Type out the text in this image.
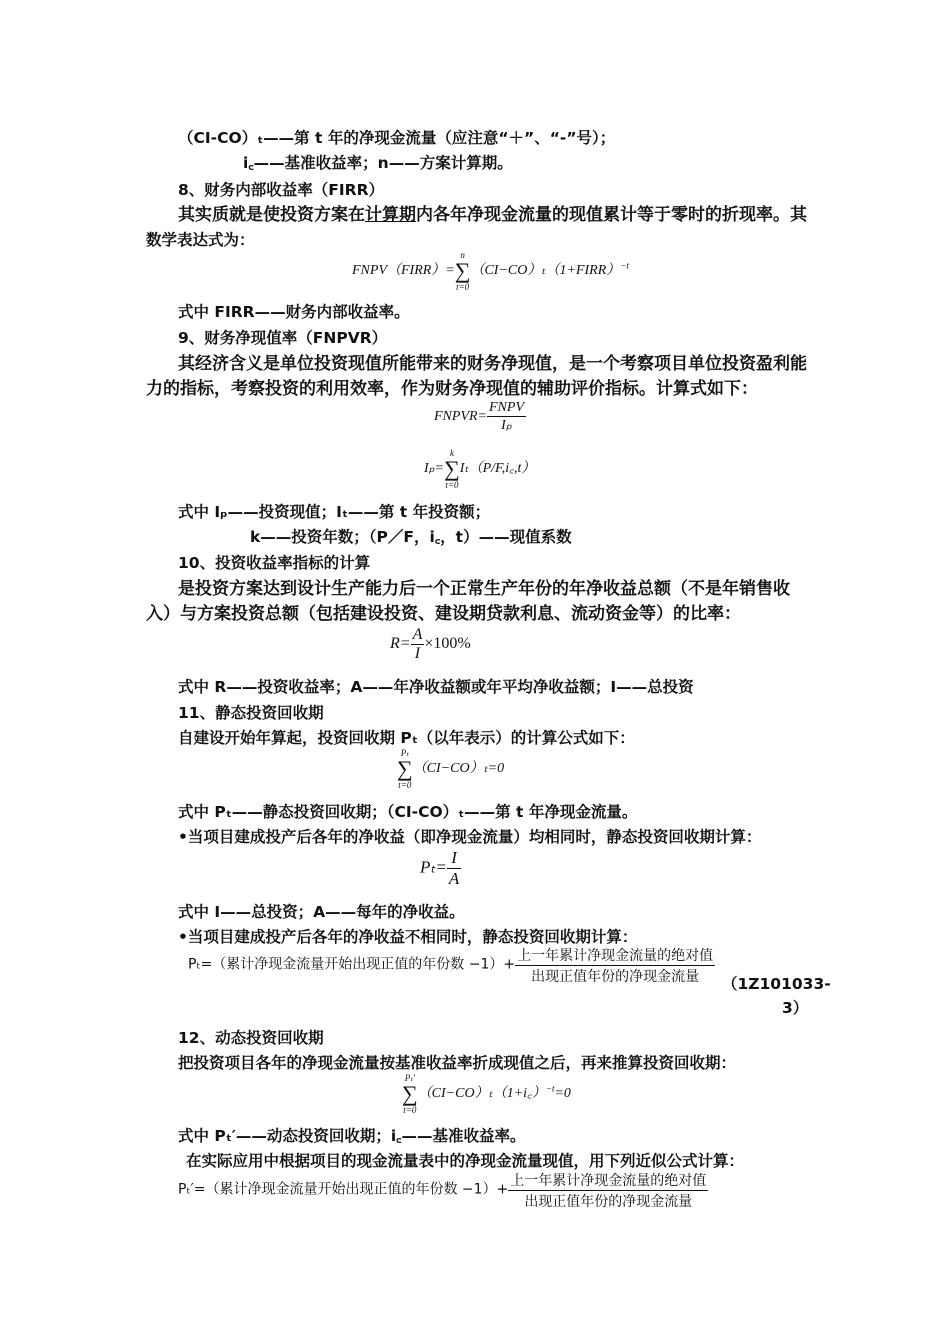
（CI-CO）ₜ——第 t 年的净现金流量（应注意“＋”、“-”号）；
i꜀——基准收益率；n——方案计算期。
8、财务内部收益率（FIRR）
其实质就是使投资方案在计算期内各年净现金流量的现值累计等于零时的折现率。其
数学表达式为：
FNPV（FIRR）=
n
∑
t=0
（CI−CO）ₜ（1+FIRR）$^{-t}$
式中 FIRR——财务内部收益率。
9、财务净现值率（FNPVR）
其经济含义是单位投资现值所能带来的财务净现值，是一个考察项目单位投资盈利能
力的指标，考察投资的利用效率，作为财务净现值的辅助评价指标。计算式如下：
FNPVR= $\frac{\text{FNPV}}{\text{Iₚ}}$
Iₚ=
k
∑
t=0
Iₜ（P/F,i꜀,t）
式中 Iₚ——投资现值；Iₜ——第 t 年投资额；
k——投资年数；（P／F，i꜀，t）——现值系数
10、投资收益率指标的计算
是投资方案达到设计生产能力后一个正常生产年份的年净收益总额（不是年销售收
入）与方案投资总额（包括建设投资、建设期贷款利息、流动资金等）的比率：
$R= \frac{A}{I} \times 100\%$
式中 R——投资收益率；A——年净收益额或年平均净收益额；I——总投资
11、静态投资回收期
自建设开始年算起，投资回收期 Pₜ（以年表示）的计算公式如下：
Pₜ
∑
t=0
（CI−CO）ₜ=0
式中 Pₜ——静态投资回收期；（CI-CO）ₜ——第 t 年净现金流量。
•当项目建成投产后各年的净收益（即净现金流量）均相同时，静态投资回收期计算：
$P_t= \frac{I}{A}$
式中 I——总投资；A——每年的净收益。
•当项目建成投产后各年的净收益不相同时，静态投资回收期计算：
Pₜ=（累计净现金流量开始出现正值的年份数 $-1)+ \frac{\text{上一年累计净现金流量的绝对值}}{\text{出现正值年份的净现金流量}} (1Z101033-$
3）
12、动态投资回收期
把投资项目各年的净现金流量按基准收益率折成现值之后，再来推算投资回收期：
Pₜ′
∑
t=0
（CI−CO）ₜ（1+i꜀）$^{-t}$=0
式中 Pₜ′——动态投资回收期；i꜀——基准收益率。
在实际应用中根据项目的现金流量表中的净现金流量现值，用下列近似公式计算：
Pₜ′=（累计净现金流量开始出现正值的年份数 $-1)+ \frac{\text{上一年累计净现金流量的绝对值}}{\text{出现正值年份的净现金流量}}$
